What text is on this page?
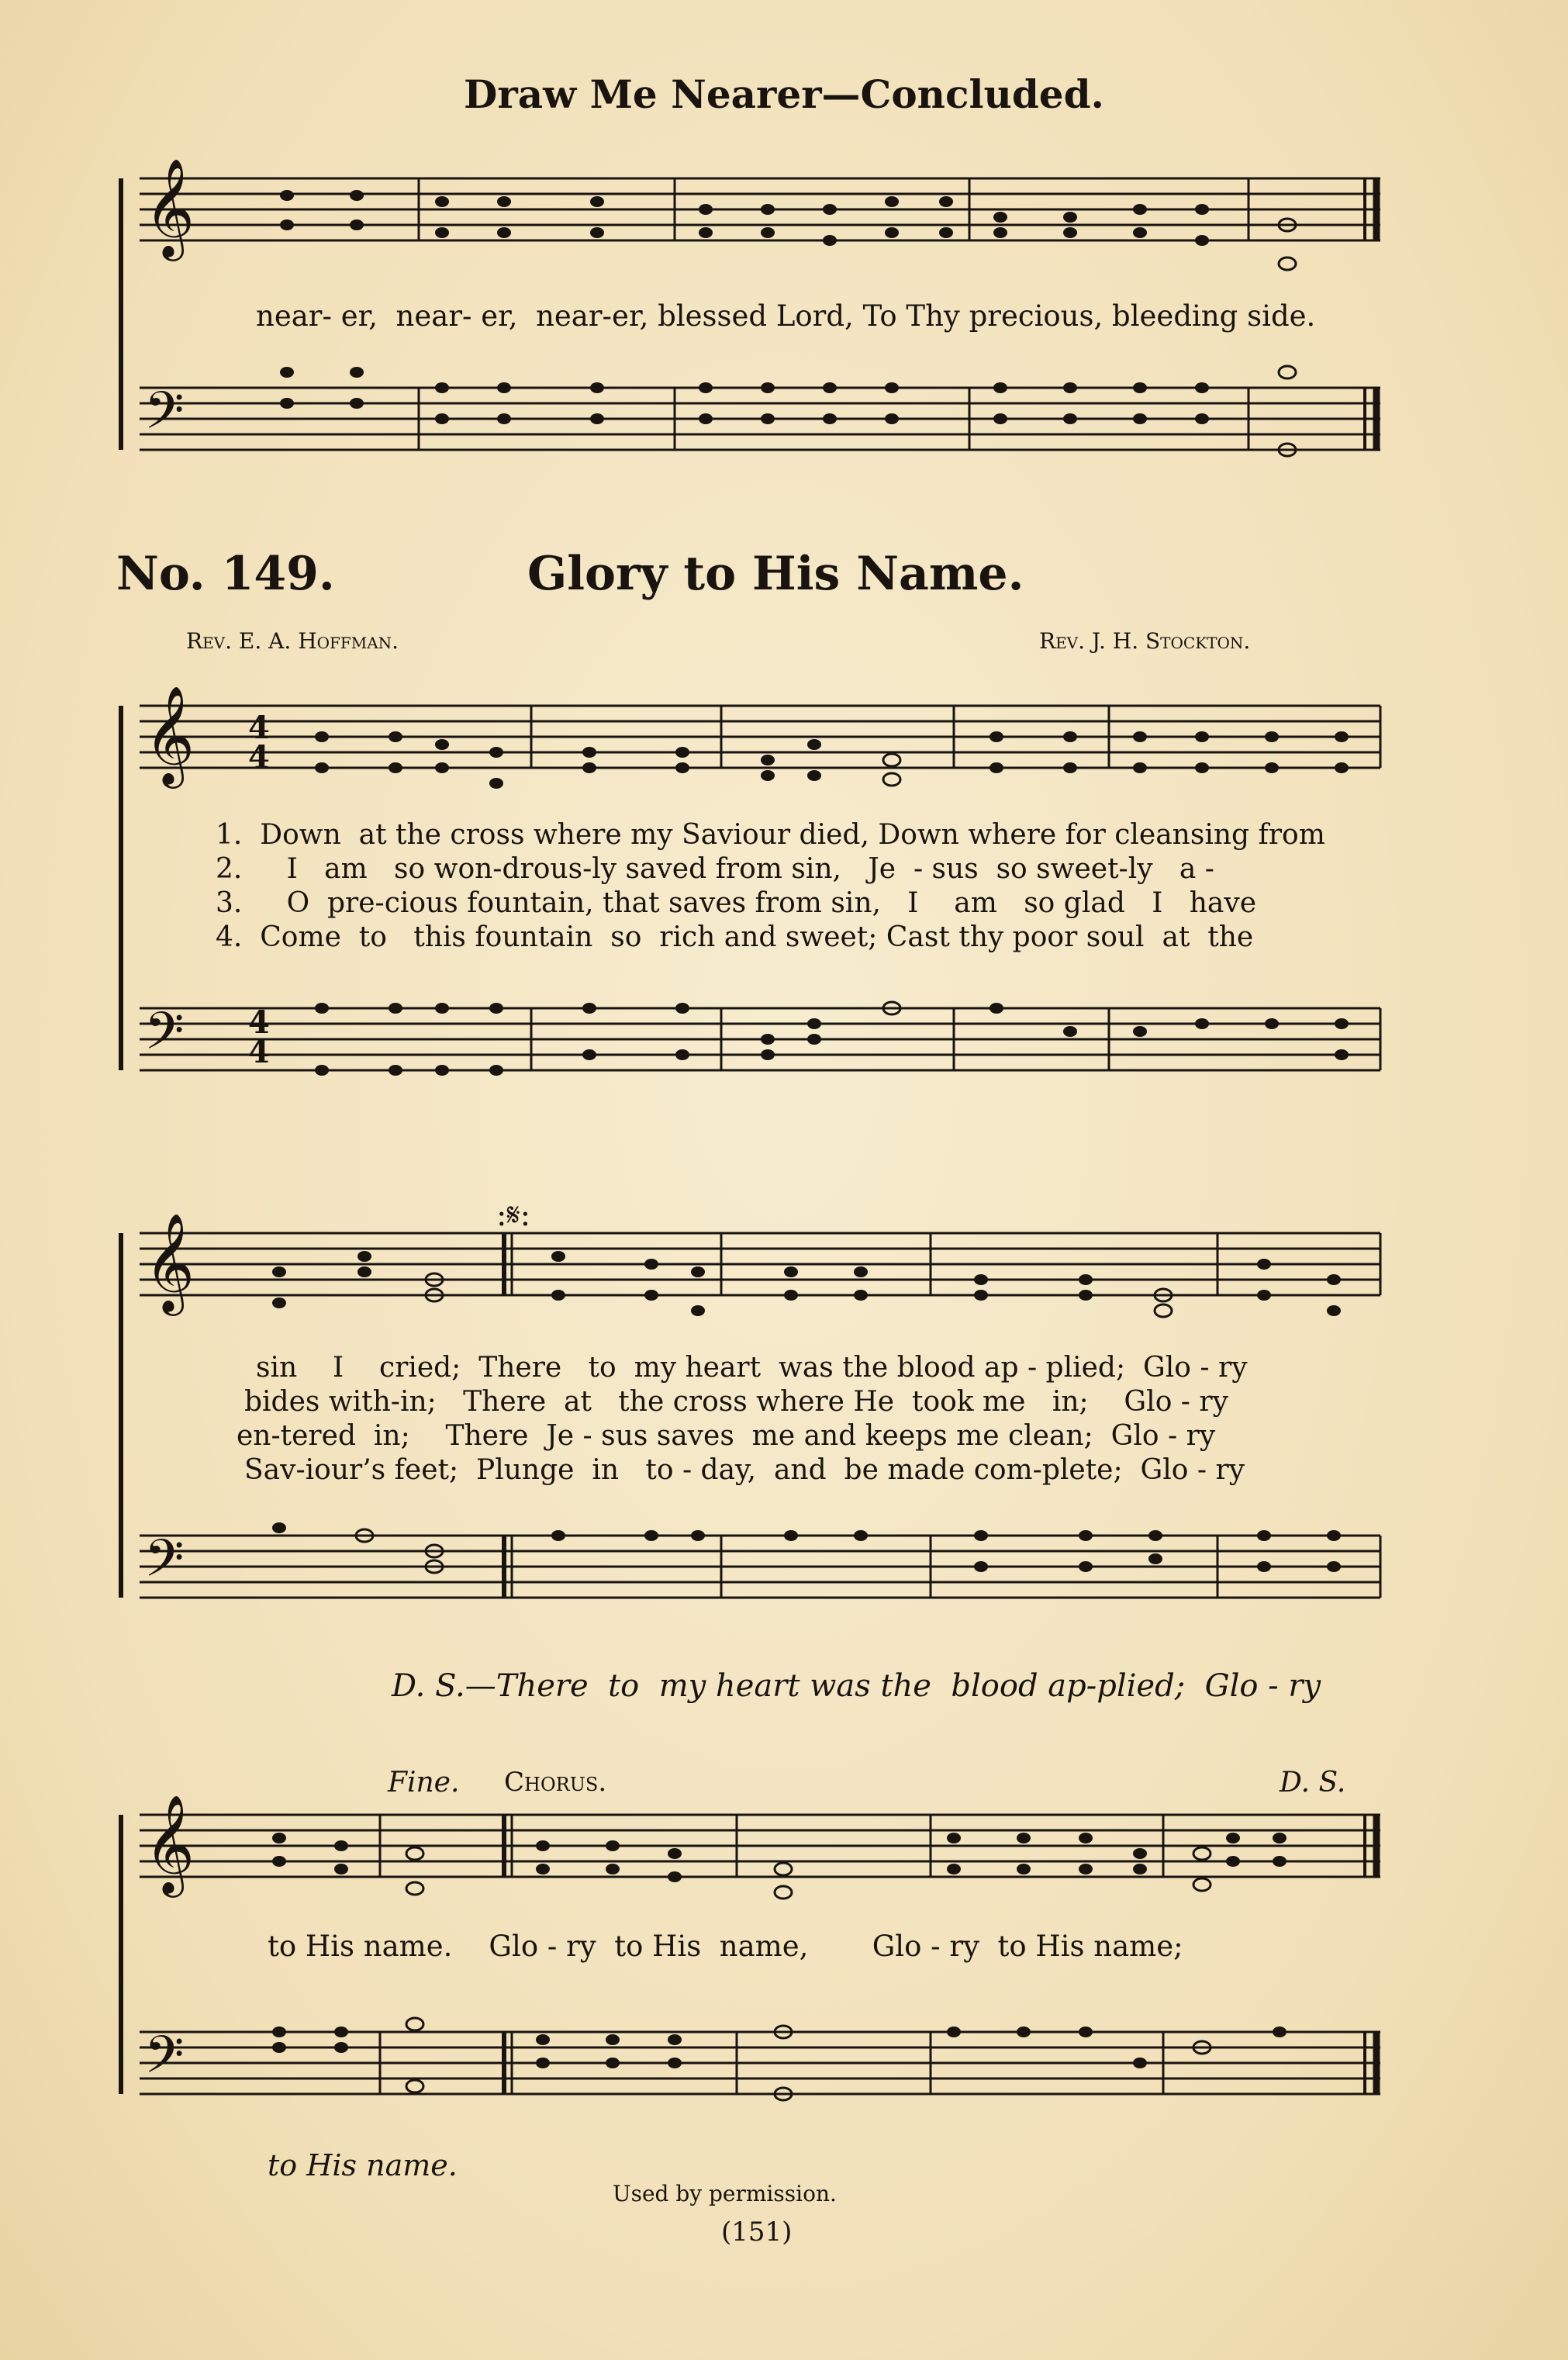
Draw Me Nearer—Concluded.
𝄞
𝄢
near- er,  near- er,  near-er, blessed Lord, To Thy precious, bleeding side.
No. 149.	Glory to His Name.
Rev. E. A. Hoffman.	Rev. J. H. Stockton.
𝄞
𝄢
4
4
4
4
1.  Down  at the cross where my Saviour died, Down where for cleansing from
2.     I   am   so won-drous-ly saved from sin,   Je  - sus  so sweet-ly   a -
3.     O  pre-cious fountain, that saves from sin,   I    am   so glad   I   have
4.  Come  to   this fountain  so  rich and sweet; Cast thy poor soul  at  the
𝄞
𝄢
:𝄋:
sin    I    cried;  There   to  my heart  was the blood ap - plied;  Glo - ry
bides with-in;   There  at   the cross where He  took me   in;    Glo - ry
en-tered  in;    There  Je - sus saves  me and keeps me clean;  Glo - ry
Sav-iour’s feet;  Plunge  in   to - day,  and  be made com-plete;  Glo - ry
D. S.—There  to  my heart was the  blood ap-plied;  Glo - ry
Fine. Chorus.	D. S.
𝄞
𝄢
to His name.    Glo - ry  to His  name,       Glo - ry  to His name;
to His name.
Used by permission.
(151)
